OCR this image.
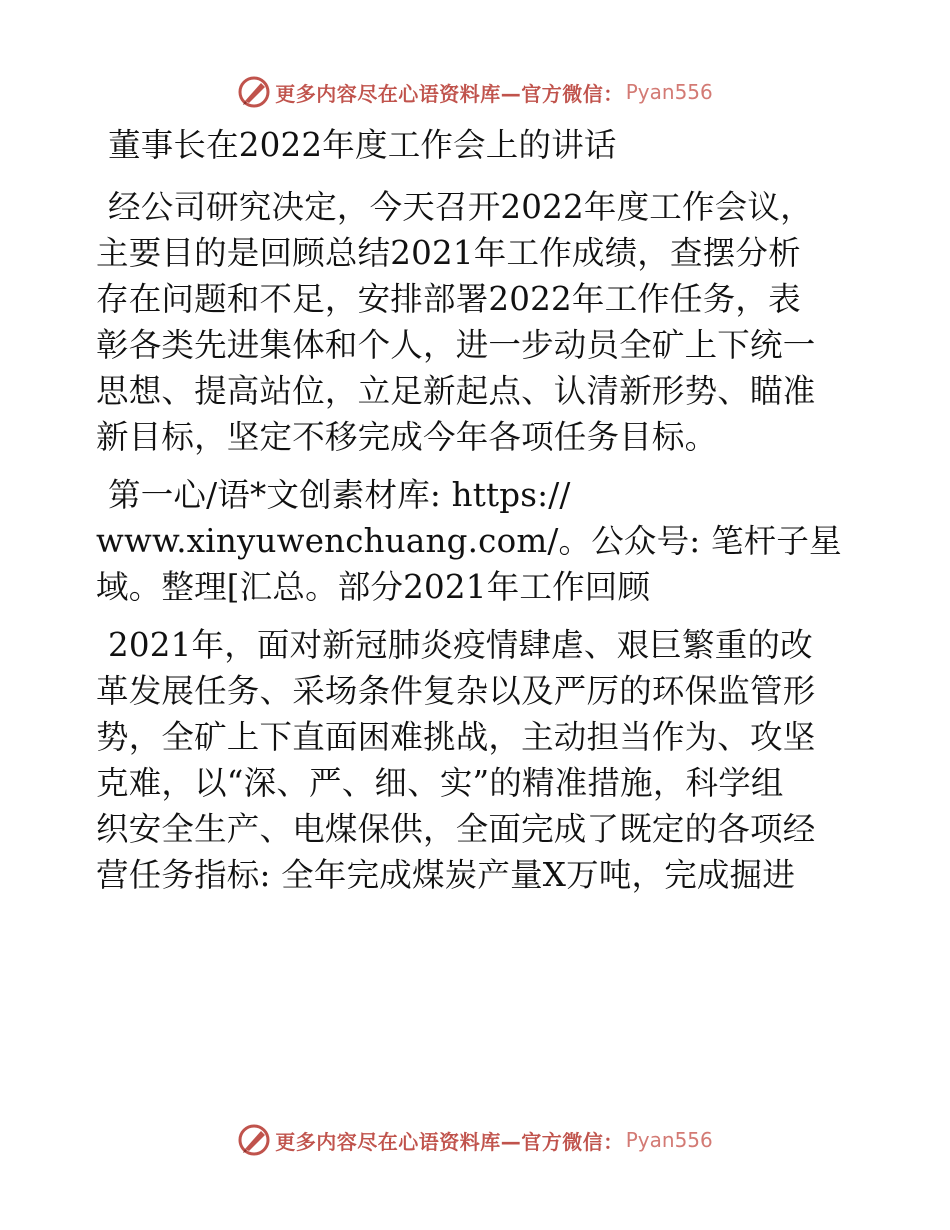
更多内容尽在心语资料库—官方微信： Pyan556
董事长在2022年度工作会上的讲话
经公司研究决定，今天召开2022年度工作会议，
主要目的是回顾总结2021年工作成绩，查摆分析
存在问题和不足，安排部署2022年工作任务，表
彰各类先进集体和个人，进一步动员全矿上下统一
思想、提高站位，立足新起点、认清新形势、瞄准
新目标，坚定不移完成今年各项任务目标。
第一心/语*文创素材库: https://
www.xinyuwenchuang.com/。公众号: 笔杆子星
域。整理[汇总。部分2021年工作回顾
2021年，面对新冠肺炎疫情肆虐、艰巨繁重的改
革发展任务、采场条件复杂以及严厉的环保监管形
势，全矿上下直面困难挑战，主动担当作为、攻坚
克难，以“深、严、细、实”的精准措施，科学组
织安全生产、电煤保供，全面完成了既定的各项经
营任务指标: 全年完成煤炭产量X万吨，完成掘进
更多内容尽在心语资料库—官方微信： Pyan556
